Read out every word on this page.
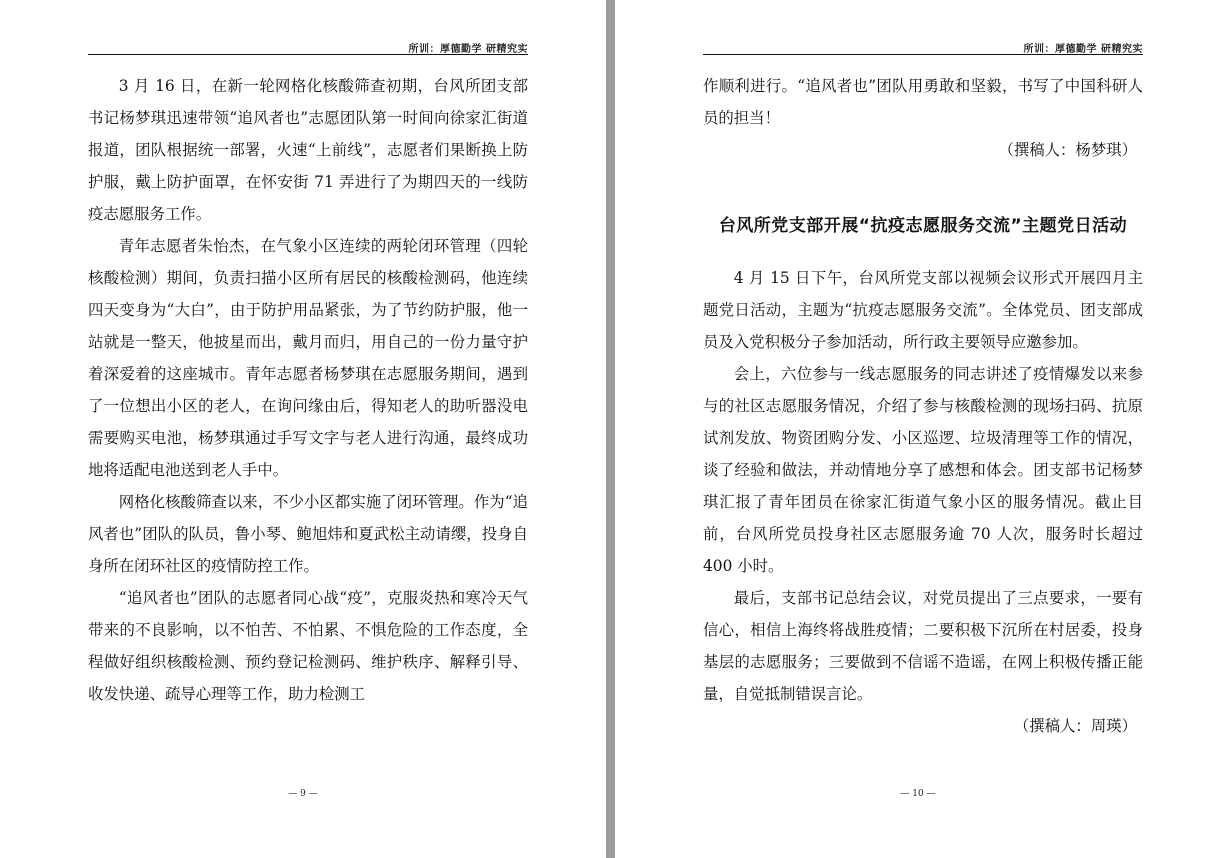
所训：厚德勤学 研精究实

3 月 16 日，在新一轮网格化核酸筛查初期，台风所团支部书记杨梦琪迅速带领“追风者也”志愿团队第一时间向徐家汇街道报道，团队根据统一部署，火速“上前线”，志愿者们果断换上防护服，戴上防护面罩，在怀安街 71 弄进行了为期四天的一线防疫志愿服务工作。

青年志愿者朱怡杰，在气象小区连续的两轮闭环管理（四轮核酸检测）期间，负责扫描小区所有居民的核酸检测码，他连续四天变身为“大白”，由于防护用品紧张，为了节约防护服，他一站就是一整天，他披星而出，戴月而归，用自己的一份力量守护着深爱着的这座城市。青年志愿者杨梦琪在志愿服务期间，遇到了一位想出小区的老人，在询问缘由后，得知老人的助听器没电需要购买电池，杨梦琪通过手写文字与老人进行沟通，最终成功地将适配电池送到老人手中。

网格化核酸筛查以来，不少小区都实施了闭环管理。作为“追风者也”团队的队员，鲁小琴、鲍旭炜和夏武松主动请缨，投身自身所在闭环社区的疫情防控工作。

“追风者也”团队的志愿者同心战“疫”，克服炎热和寒冷天气带来的不良影响，以不怕苦、不怕累、不惧危险的工作态度，全程做好组织核酸检测、预约登记检测码、维护秩序、解释引导、收发快递、疏导心理等工作，助力检测工

— 9 —
所训：厚德勤学 研精究实

作顺利进行。“追风者也”团队用勇敢和坚毅，书写了中国科研人员的担当！

（撰稿人：杨梦琪）

台风所党支部开展“抗疫志愿服务交流”主题党日活动

4 月 15 日下午，台风所党支部以视频会议形式开展四月主题党日活动，主题为“抗疫志愿服务交流”。全体党员、团支部成员及入党积极分子参加活动，所行政主要领导应邀参加。

会上，六位参与一线志愿服务的同志讲述了疫情爆发以来参与的社区志愿服务情况，介绍了参与核酸检测的现场扫码、抗原试剂发放、物资团购分发、小区巡逻、垃圾清理等工作的情况，谈了经验和做法，并动情地分享了感想和体会。团支部书记杨梦琪汇报了青年团员在徐家汇街道气象小区的服务情况。截止目前，台风所党员投身社区志愿服务逾 70 人次，服务时长超过 400 小时。

最后，支部书记总结会议，对党员提出了三点要求，一要有信心，相信上海终将战胜疫情；二要积极下沉所在村居委，投身基层的志愿服务；三要做到不信谣不造谣，在网上积极传播正能量，自觉抵制错误言论。

（撰稿人：周瑛）

— 10 —
